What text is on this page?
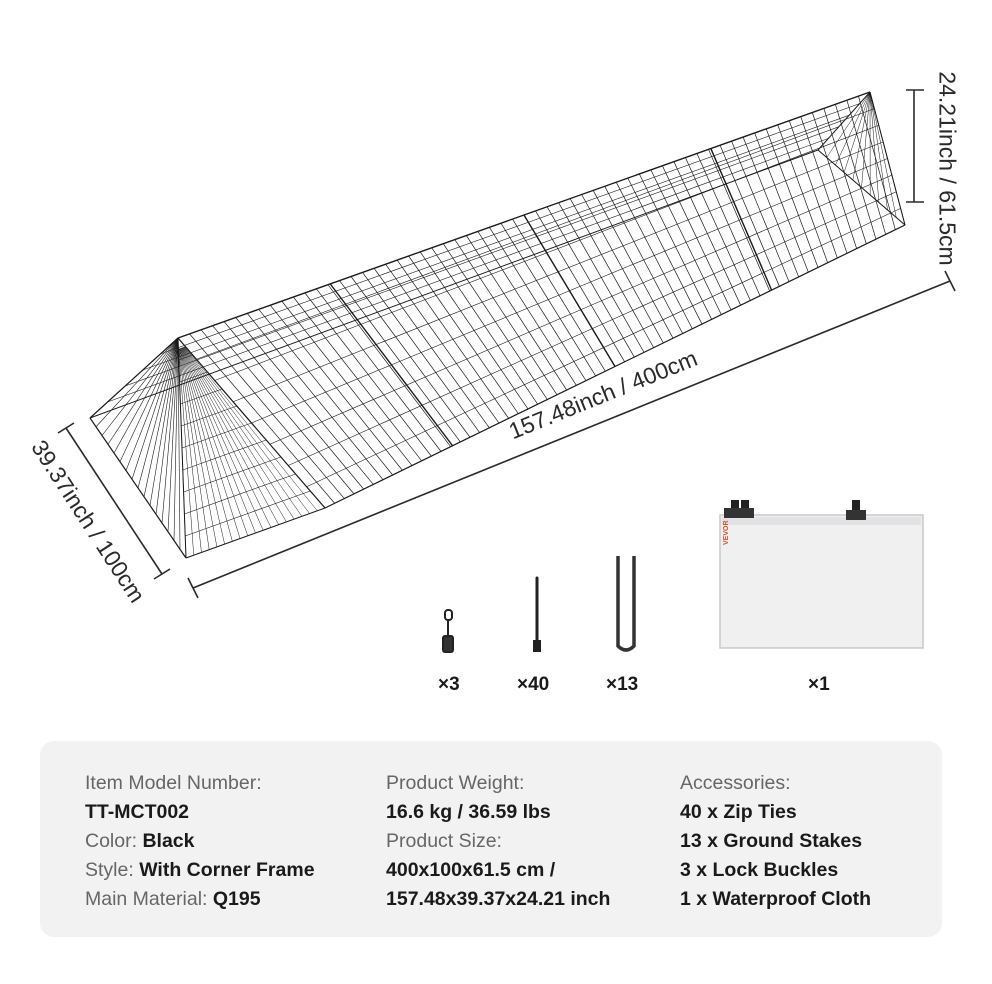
VEVOR
24.21inch / 61.5cm
157.48inch / 400cm
39.37inch / 100cm
×3	×40	×13	×1
Item Model Number:
TT-MCT002
Color: Black
Style: With Corner Frame
Main Material: Q195
Product Weight:
16.6 kg / 36.59 lbs
Product Size:
400x100x61.5 cm /
157.48x39.37x24.21 inch
Accessories:
40 x Zip Ties
13 x Ground Stakes
3 x Lock Buckles
1 x Waterproof Cloth
